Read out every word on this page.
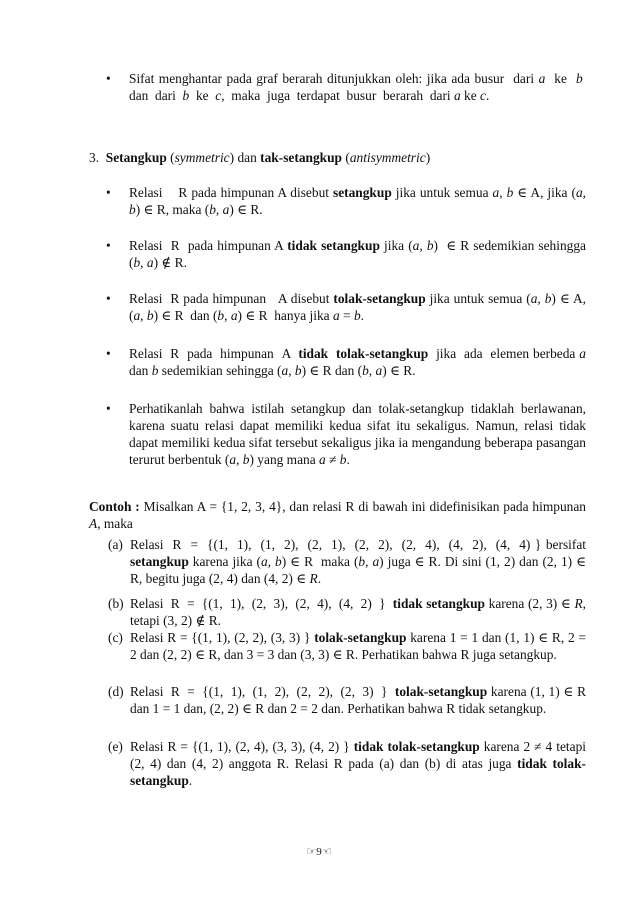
•	Sifat menghantar pada graf berarah ditunjukkan oleh: jika ada busur  dari a  ke  b  dan  dari  b  ke  c,  maka  juga  terdapat  busur  berarah  dari a ke c.

3.  Setangkup (symmetric) dan tak-setangkup (antisymmetric)

•	Relasi    R pada himpunan A disebut setangkup jika untuk semua a, b ∈ A, jika (a, b) ∈ R, maka (b, a) ∈ R.

•	Relasi  R  pada himpunan A tidak setangkup jika (a, b)  ∈ R sedemikian sehingga (b, a) ∉ R.

•	Relasi  R pada himpunan   A disebut tolak-setangkup jika untuk semua (a, b) ∈ A, (a, b) ∈ R  dan (b, a) ∈ R  hanya jika a = b.

•	Relasi  R  pada  himpunan  A  tidak  tolak-setangkup  jika  ada  elemen berbeda a dan b sedemikian sehingga (a, b) ∈ R dan (b, a) ∈ R.

•	Perhatikanlah bahwa istilah setangkup dan tolak-setangkup tidaklah berlawanan, karena suatu relasi dapat memiliki kedua sifat itu sekaligus. Namun, relasi tidak dapat memiliki kedua sifat tersebut sekaligus jika ia mengandung beberapa pasangan terurut berbentuk (a, b) yang mana a ≠ b.

Contoh : Misalkan A = {1, 2, 3, 4}, dan relasi R di bawah ini didefinisikan pada himpunan A, maka

(a) Relasi  R  =  {(1,  1),  (1,  2),  (2,  1),  (2,  2),  (2,  4),  (4,  2),  (4,  4) } bersifat setangkup karena jika (a, b) ∈ R  maka (b, a) juga ∈ R. Di sini (1, 2) dan (2, 1) ∈ R, begitu juga (2, 4) dan (4, 2) ∈ R.

(b) Relasi  R  =  {(1,  1),  (2,  3),  (2,  4),  (4,  2)  }  tidak setangkup karena (2, 3) ∈ R, tetapi (3, 2) ∉ R.

(c) Relasi R = {(1, 1), (2, 2), (3, 3) } tolak-setangkup karena 1 = 1 dan (1, 1) ∈ R, 2 = 2 dan (2, 2) ∈ R, dan 3 = 3 dan (3, 3) ∈ R. Perhatikan bahwa R juga setangkup.

(d) Relasi  R  =  {(1,  1),  (1,  2),  (2,  2),  (2,  3)  }  tolak-setangkup karena (1, 1) ∈ R dan 1 = 1 dan, (2, 2) ∈ R dan 2 = 2 dan. Perhatikan bahwa R tidak setangkup.

(e) Relasi R = {(1, 1), (2, 4), (3, 3), (4, 2) } tidak tolak-setangkup karena 2 ≠ 4 tetapi (2, 4) dan (4, 2) anggota R. Relasi R pada (a) dan (b) di atas juga tidak tolak-setangkup.

☞9☜
